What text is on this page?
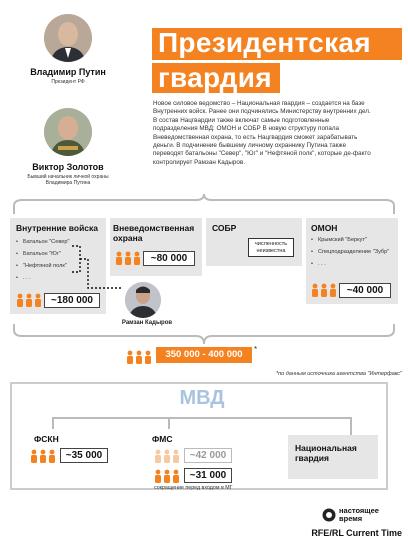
Владимир Путин
Президент РФ
Виктор Золотов
Бывший начальник личной охраны
Владимира Путина
Президентская
гвардия
Новое силовое ведомство – Национальная гвардия – создается на базе
Внутренних войск. Ранее они подчинялись Министерству внутренних дел.
В состав Нацгвардии также включат самые подготовленные
подразделения МВД: ОМОН и СОБР В новую структуру попала
Вневедомственная охрана, то есть Нацгвардия сможет зарабатывать
деньги. В подчинение бывшему личному охраннику Путина также
переводят батальоны "Север", "Юг" и "Нефтяной полк", которые де-факто
контролирует Рамзан Кадыров.
Внутренние войска
• Батальон "Север"
• Батальон "Юг"
• "Нефтяной полк"
• . . .
Рамзан Кадыров
Вневедомственная
охрана
СОБР
численность
неизвестна
ОМОН
• Крымский "Беркут"
• Спецподразделение "Зубр"
• . . .
~180 000
~80 000
~40 000
350 000 - 400 000	*
*по данным источника агентства "Интерфакс"
МВД
ФСКН
~35 000
ФМС
~42 000
~31 000
сокращение перед входом в МГ
Национальная
гвардия
настоящее
время
RFE/RL Current Time
